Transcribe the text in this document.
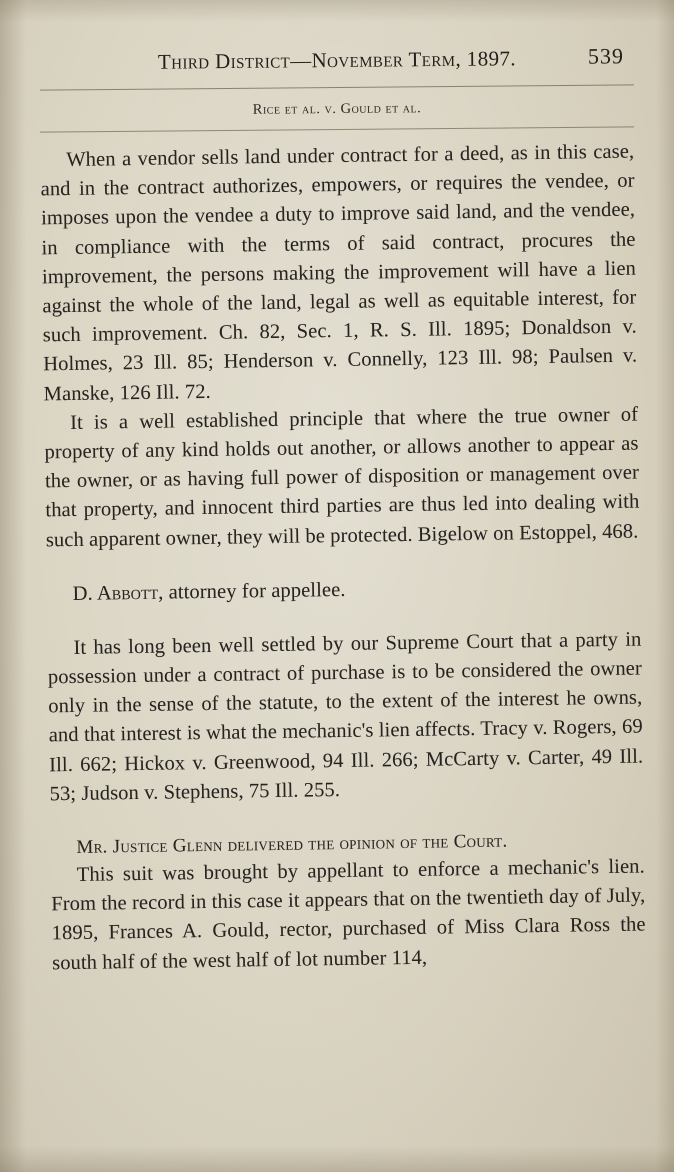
Third District—November Term, 1897.	539
Rice et al. v. Gould et al.

When a vendor sells land under contract for a deed, as in this case, and in the contract authorizes, empowers, or requires the vendee, or imposes upon the vendee a duty to improve said land, and the vendee, in compliance with the terms of said contract, procures the improvement, the persons making the improvement will have a lien against the whole of the land, legal as well as equitable interest, for such improvement. Ch. 82, Sec. 1, R. S. Ill. 1895; Donaldson v. Holmes, 23 Ill. 85; Henderson v. Connelly, 123 Ill. 98; Paulsen v. Manske, 126 Ill. 72.

It is a well established principle that where the true owner of property of any kind holds out another, or allows another to appear as the owner, or as having full power of disposition or management over that property, and innocent third parties are thus led into dealing with such apparent owner, they will be protected. Bigelow on Estoppel, 468.

D. Abbott, attorney for appellee.

It has long been well settled by our Supreme Court that a party in possession under a contract of purchase is to be considered the owner only in the sense of the statute, to the extent of the interest he owns, and that interest is what the mechanic's lien affects. Tracy v. Rogers, 69 Ill. 662; Hickox v. Greenwood, 94 Ill. 266; McCarty v. Carter, 49 Ill. 53; Judson v. Stephens, 75 Ill. 255.

Mr. Justice Glenn delivered the opinion of the Court.

This suit was brought by appellant to enforce a mechanic's lien. From the record in this case it appears that on the twentieth day of July, 1895, Frances A. Gould, rector, purchased of Miss Clara Ross the south half of the west half of lot number 114,
